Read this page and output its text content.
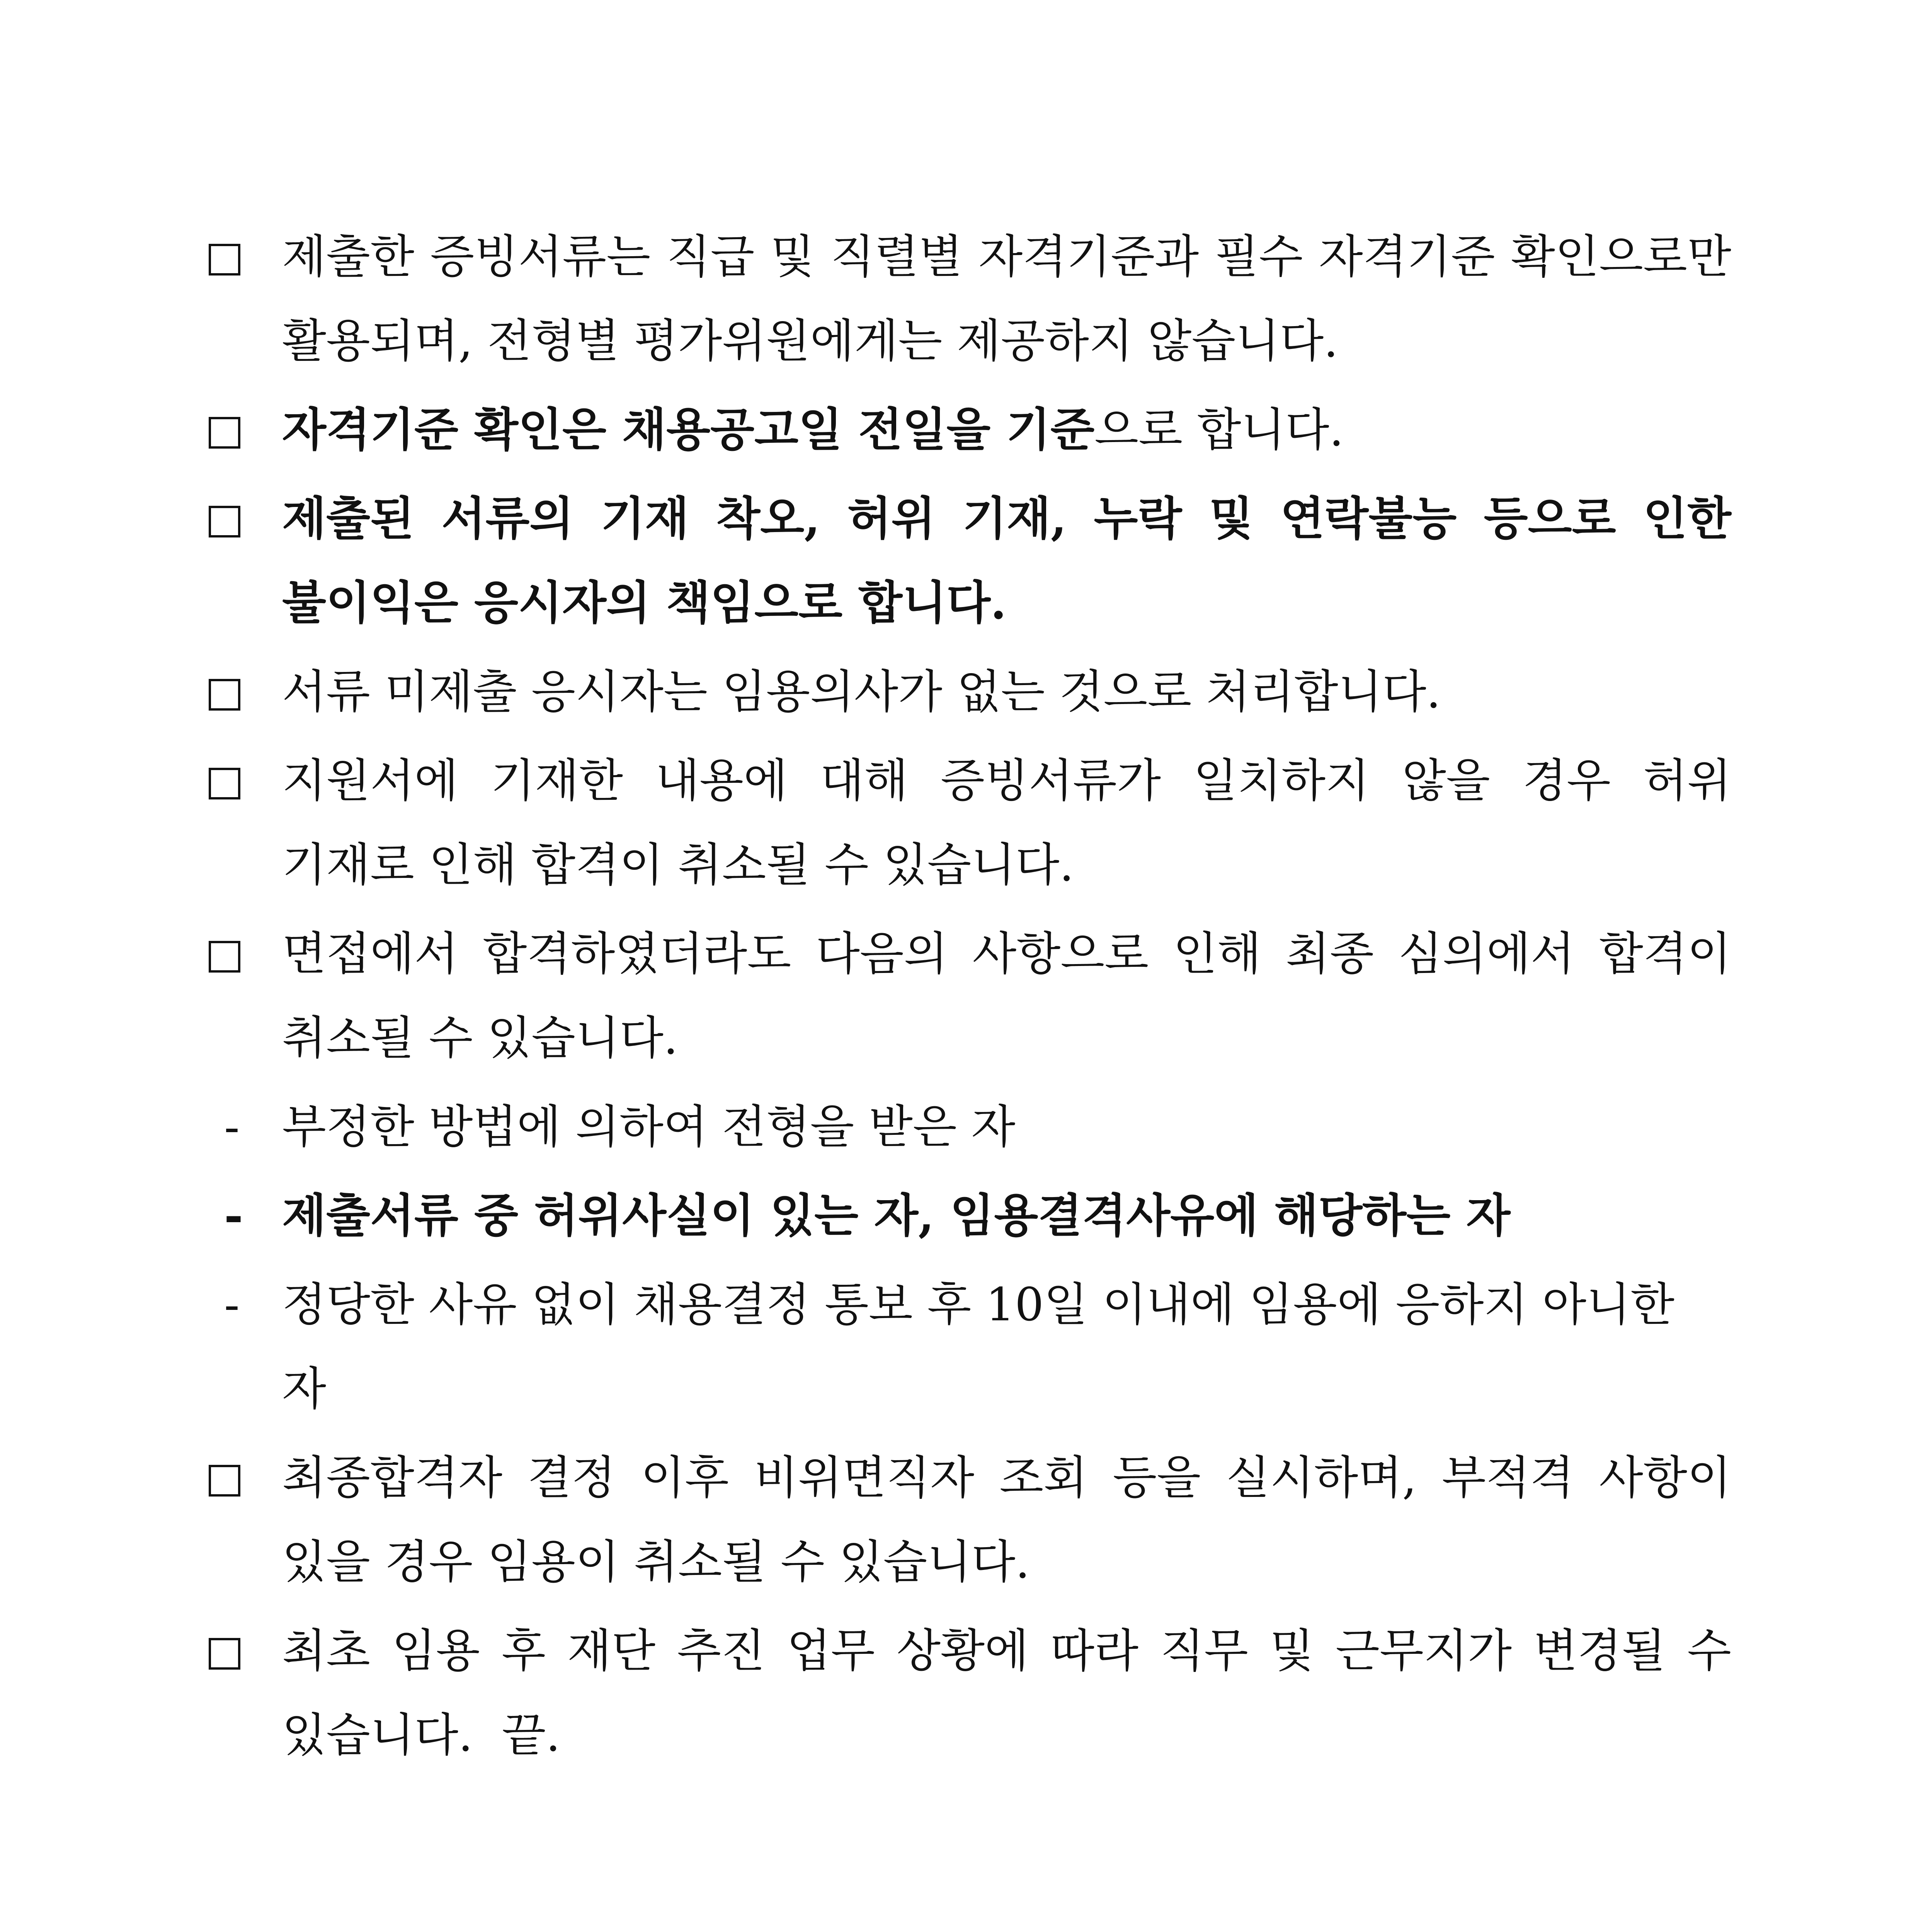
제출한 증빙서류는 직급 및 직렬별 자격기준과 필수 자격기준 확인으로만 활용되며, 전형별 평가위원에게는 제공하지 않습니다.
자격기준 확인은 채용공고일 전일을 기준으로 합니다.
제출된 서류의 기재 착오, 허위 기재, 누락 및 연락불능 등으로 인한 불이익은 응시자의 책임으로 합니다.
서류 미제출 응시자는 임용의사가 없는 것으로 처리합니다.
지원서에 기재한 내용에 대해 증빙서류가 일치하지 않을 경우 허위 기재로 인해 합격이 취소될 수 있습니다.
면접에서 합격하였더라도 다음의 사항으로 인해 최종 심의에서 합격이 취소될 수 있습니다.
- 부정한 방법에 의하여 전형을 받은 자
- 제출서류 중 허위사실이 있는 자, 임용결격사유에 해당하는 자
- 정당한 사유 없이 채용결정 통보 후 10일 이내에 임용에 응하지 아니한 자
최종합격자 결정 이후 비위면직자 조회 등을 실시하며, 부적격 사항이 있을 경우 임용이 취소될 수 있습니다.
최초 임용 후 재단 추진 업무 상황에 따라 직무 및 근무지가 변경될 수 있습니다. 끝.
